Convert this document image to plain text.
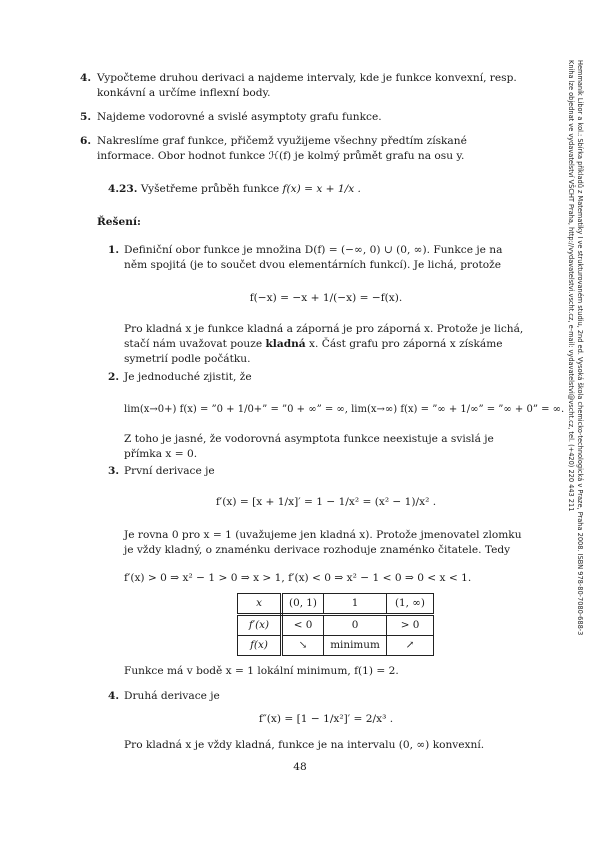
4. Vypočteme druhou derivaci a najdeme intervaly, kde je funkce konvexní, resp. konkávní a určíme inflexní body.
5. Najdeme vodorovné a svislé asymptoty grafu funkce.
6. Nakreslíme graf funkce, přičemž využijeme všechny předtím získané informace. Obor hodnot funkce ℋ(f) je kolmý průmět grafu na osu y.
4.23. Vyšetřeme průběh funkce f(x) = x + 1/x .
Řešení:
1. Definiční obor funkce je množina D(f) = (−∞, 0) ∪ (0, ∞). Funkce je na něm spojitá (je to součet dvou elementárních funkcí). Je lichá, protože
f(−x) = −x + 1/(−x) = −f(x).
Pro kladná x je funkce kladná a záporná je pro záporná x. Protože je lichá, stačí nám uvažovat pouze kladná x. Část grafu pro záporná x získáme symetrií podle počátku.
2. Je jednoduché zjistit, že
lim(x→0+) f(x) = ”0 + 1/0+” = ”0 + ∞” = ∞, lim(x→∞) f(x) = ”∞ + 1/∞” = ”∞ + 0” = ∞.
Z toho je jasné, že vodorovná asymptota funkce neexistuje a svislá je přímka x = 0.
3. První derivace je
f′(x) = [x + 1/x]′ = 1 − 1/x² = (x² − 1)/x² .
Je rovna 0 pro x = 1 (uvažujeme jen kladná x). Protože jmenovatel zlomku je vždy kladný, o znaménku derivace rozhoduje znaménko čitatele. Tedy
f′(x) > 0 ⇒ x² − 1 > 0 ⇒ x > 1, f′(x) < 0 ⇒ x² − 1 < 0 ⇒ 0 < x < 1.
x	(0, 1)	1	(1, ∞)
f′(x)	< 0	0	> 0
f(x)	↘	minimum	↗
Funkce má v bodě x = 1 lokální minimum, f(1) = 2.
4. Druhá derivace je
f″(x) = [1 − 1/x²]′ = 2/x³ .
Pro kladná x je vždy kladná, funkce je na intervalu (0, ∞) konvexní.
48
Hemmaník Libor a kol.: Sbírka příkladů z Matematiky I ve strukturovaném studiu, 2nd ed. Vysoká škola chemicko-technologická v Praze, Praha 2008. ISBN 978-80-7080-688-3
Kniha lze objednat ve vydavatelství VŠCHT Praha, http://vydavatelstvi.vscht.cz, e-mail: vydavatelstvi@vscht.cz, tel. (+420) 220 443 211
